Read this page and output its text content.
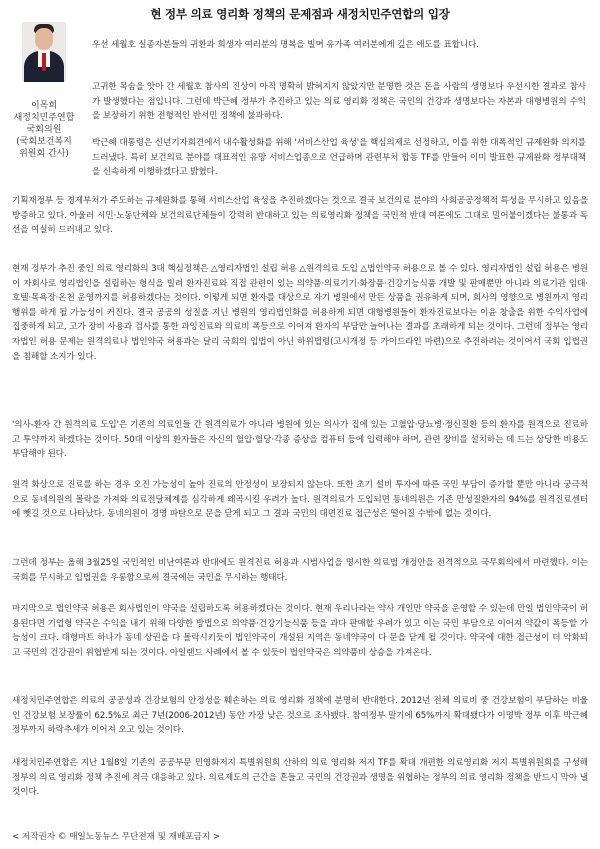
현 정부 의료 영리화 정책의 문제점과 새정치민주연합의 입장
이목희
새정치민주연합
국회의원
(국회보건복지
위원회 간사)

우선 세월호 실종자분들의 귀환과 희생자 여러분의 명복을 빌며 유가족 여러분에게 깊은 애도를 표합니다.

고귀한 목숨을 앗아 간 세월호 참사의 진상이 아직 명확히 밝혀지지 않았지만 분명한 것은 돈을 사람의 생명보다 우선시한 결과로 참사가 발생했다는 점입니다. 그런데 박근혜 정부가 추진하고 있는 의료 영리화 정책은 국민의 건강과 생명보다는 자본과 대형병원의 수익을 보장하기 위한 전형적인 반서민 정책에 불과하다.

박근혜 대통령은 신년기자회견에서 내수활성화를 위해 '서비스산업 육성'을 핵심의제로 선정하고, 이를 위한 대폭적인 규제완화 의지를 드러냈다. 특히 보건의료 분야를 대표적인 유망 서비스업종으로 언급하며 관련부처 합동 TF를 만들어 이미 발표한 규제완화 정부대책을 신속하게 이행하겠다고 밝혔다.

기획재정부 등 경제부처가 주도하는 규제완화를 통해 서비스산업 육성을 추진하겠다는 것으로 결국 보건의료 분야의 사회공공정책적 특성을 무시하고 있음을 방증하고 있다. 아울러 시민·노동단체와 보건의료단체들이 강력히 반대하고 있는 의료영리화 정책을 국민적 반대 여론에도 그대로 밀어붙이겠다는 불통과 독선을 여실히 드러내고 있다.

현재 정부가 추진 중인 의료 영리화의 3대 핵심정책은 △영리자법인 설립 허용 △원격의료 도입 △법인약국 허용으로 볼 수 있다. 영리자법인 설립 허용은 병원이 자회사로 영리법인을 설립하는 형식을 빌려 환자진료와 직접 관련이 있는 의약품·의료기기·화장품·건강기능식품 개발 및 판매뿐만 아니라 의료기관 임대·호텔·목욕장·온천 운영까지를 허용하겠다는 것이다. 이렇게 되면 환자를 대상으로 자기 병원에서 만든 상품을 권유하게 되며, 회사의 영향으로 병원까지 영리행위를 하게 될 가능성이 커진다. 결국 공공의 성질을 지닌 병원의 영리법인화를 허용하게 되면 대형병원들이 환자진료보다는 이윤 창출을 위한 수익사업에 집중하게 되고, 고가 장비 사용과 검사를 통한 과잉진료와 의료비 폭등으로 이어져 환자의 부담만 늘어나는 결과를 초래하게 되는 것이다. 그런데 정부는 영리자법인 허용 문제는 원격의료나 법인약국 허용과는 달리 국회의 입법이 아닌 하위법령(고시개정 등 가이드라인 마련)으로 추진하려는 것이어서 국회 입법권을 침해할 소지가 있다.

'의사-환자 간 원격의료 도입'은 기존의 의료인들 간 원격의료가 아니라 병원에 있는 의사가 집에 있는 고혈압·당뇨병·정신질환 등의 환자를 원격으로 진료하고 투약까지 하겠다는 것이다. 50대 이상의 환자들은 자신의 혈압·혈당·각종 증상을 컴퓨터 등에 입력해야 하며, 관련 장비를 설치하는 데 드는 상당한 비용도 부담해야 된다.

원격 화상으로 진료를 하는 경우 오진 가능성이 높아 진료의 안정성이 보장되지 않는다. 또한 초기 설비 투자에 따른 국민 부담이 증가할 뿐만 아니라 궁극적으로 동네의원의 몰락을 가져와 의료전달체계를 심각하게 왜곡시킬 우려가 높다. 원격의료가 도입되면 동네의원은 기존 만성질환자의 94%를 원격진료센터에 뺏길 것으로 나타났다. 동네의원이 경영 파탄으로 문을 닫게 되고 그 결과 국민의 대면진료 접근성은 떨어질 수밖에 없는 것이다.

그런데 정부는 올해 3월25일 국민적인 비난여론과 반대에도 원격진료 허용과 시범사업을 명시한 의료법 개정안을 전격적으로 국무회의에서 마련했다. 이는 국회를 무시하고 입법권을 우롱함으로써 결국에는 국민을 무시하는 행태다.

마지막으로 법인약국 허용은 회사법인이 약국을 설립하도록 허용하겠다는 것이다. 현재 우리나라는 약사 개인만 약국을 운영할 수 있는데 만일 법인약국이 허용된다면 기업형 약국은 수익을 내기 위해 다양한 방법으로 의약품·건강기능식품 등을 과다 판매할 우려가 있고 이는 국민 부담으로 이어져 약값이 폭등할 가능성이 크다. 대형마트 하나가 동네 상권을 다 몰락시키듯이 법인약국이 개설된 지역은 동네약국이 다 문을 닫게 될 것이다. 약국에 대한 접근성이 더 악화되고 국민의 건강권이 위협받게 되는 것이다. 아일랜드 사례에서 볼 수 있듯이 법인약국은 의약품비 상승을 가져온다.

새정치민주연합은 의료의 공공성과 건강보험의 안정성을 훼손하는 의료 영리화 정책에 분명히 반대한다. 2012년 전체 의료비 중 건강보험이 부담하는 비율인 건강보험 보장률이 62.5%로 최근 7년(2006-2012년) 동안 가장 낮은 것으로 조사됐다. 참여정부 말기에 65%까지 확대됐다가 이명박 정부 이후 박근혜 정부까지 하락추세가 이어져 오고 있는 것이다.

새정치민주연합은 지난 1월8일 기존의 공공부문 민영화저지 특별위원회 산하의 의료 영리화 저지 TF를 확대 개편한 의료영리화 저지 특별위원회를 구성해 정부의 의료 영리화 정책 추진에 적극 대응하고 있다. 의료제도의 근간을 흔들고 국민의 건강권과 생명을 위협하는 정부의 의료 영리화 정책을 반드시 막아 낼 것이다.

< 저작권자 © 매일노동뉴스 무단전재 및 재배포금지 >
